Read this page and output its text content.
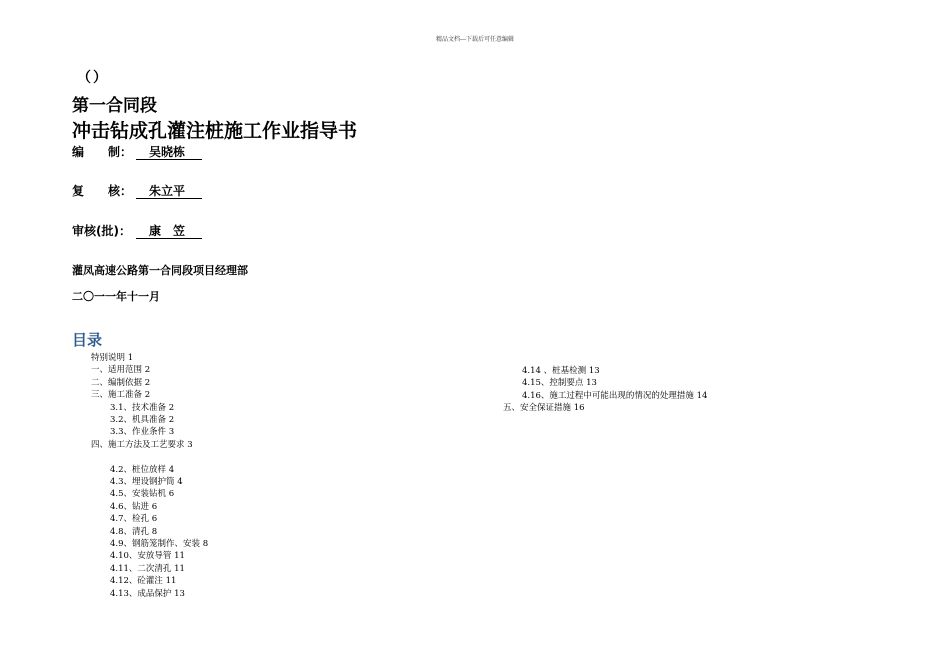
精品文档---下载后可任意编辑
（）
第一合同段
冲击钻成孔灌注桩施工作业指导书
编　　制：	吴晓栋
复　　核：	朱立平
审核(批)：	康　笠
灌凤高速公路第一合同段项目经理部
二〇一一年十一月
目录
特别说明 1
一、适用范围 2
二、编制依据 2
三、施工准备 2
3.1、技术准备 2
3.2、机具准备 2
3.3、作业条件 3
四、施工方法及工艺要求 3
4.2、桩位放样 4
4.3、埋设钢护筒 4
4.5、安装钻机 6
4.6、钻进 6
4.7、检孔 6
4.8、清孔 8
4.9、钢筋笼制作、安装 8
4.10、安放导管 11
4.11、二次清孔 11
4.12、砼灌注 11
4.13、成品保护 13
4.14 、桩基检测 13
4.15、控制要点 13
4.16、施工过程中可能出现的情况的处理措施 14
五、安全保证措施 16
